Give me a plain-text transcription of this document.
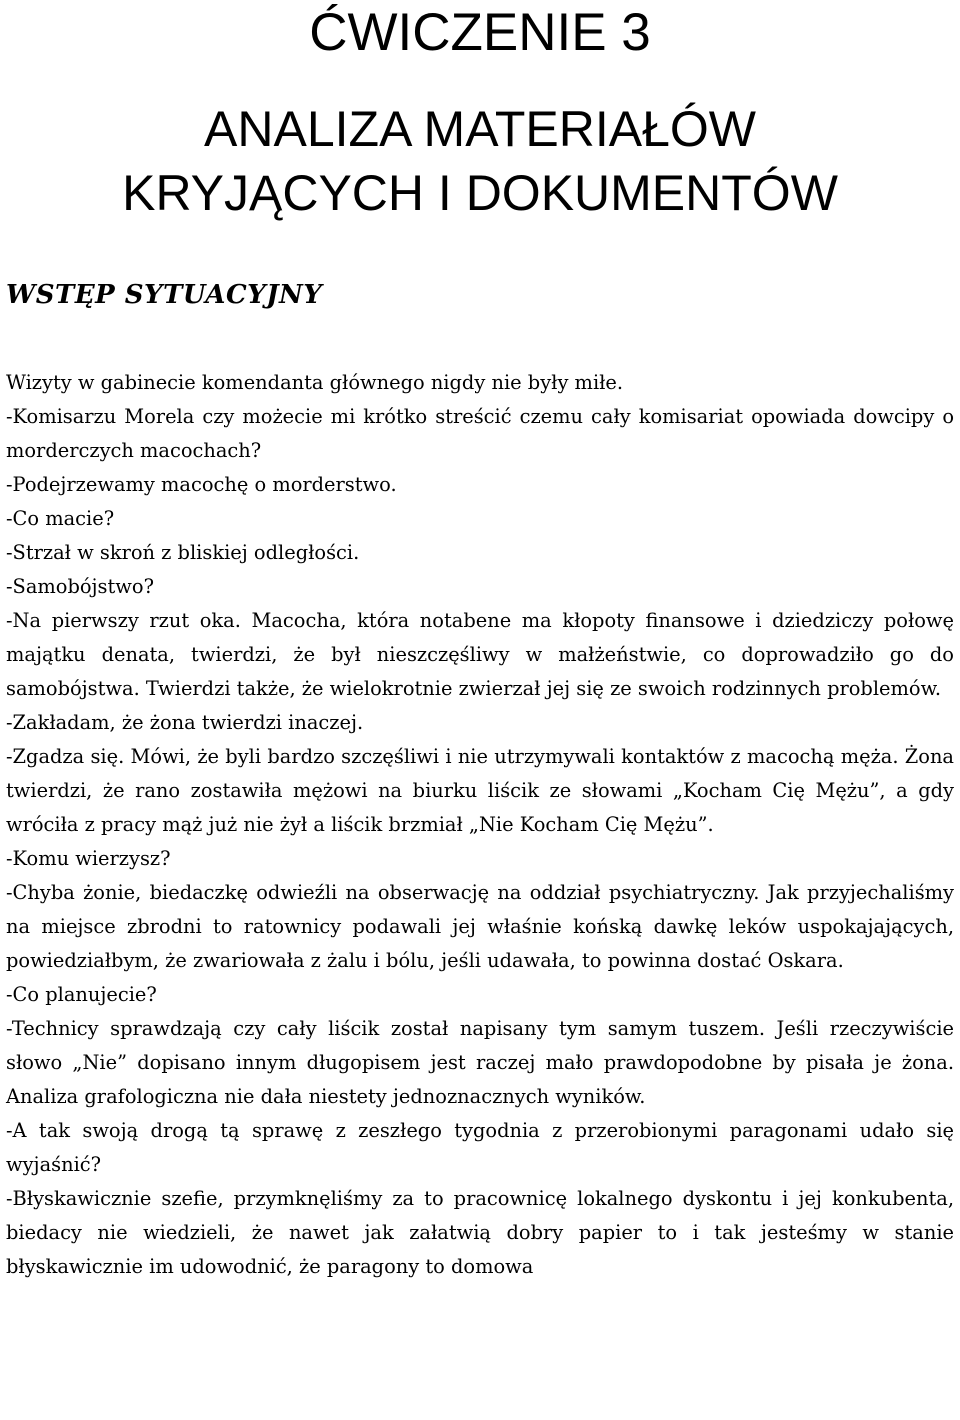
ĆWICZENIE 3
ANALIZA MATERIAŁÓW
KRYJĄCYCH I DOKUMENTÓW
WSTĘP SYTUACYJNY

Wizyty w gabinecie komendanta głównego nigdy nie były miłe.

-Komisarzu Morela czy możecie mi krótko streścić czemu cały komisariat opowiada dowcipy o morderczych macochach?

-Podejrzewamy macochę o morderstwo.

-Co macie?

-Strzał w skroń z bliskiej odległości.

-Samobójstwo?

-Na pierwszy rzut oka. Macocha, która notabene ma kłopoty finansowe i dziedziczy połowę majątku denata, twierdzi, że był nieszczęśliwy w małżeństwie, co doprowadziło go do samobójstwa. Twierdzi także, że wielokrotnie zwierzał jej się ze swoich rodzinnych problemów.

-Zakładam, że żona twierdzi inaczej.

-Zgadza się. Mówi, że byli bardzo szczęśliwi i nie utrzymywali kontaktów z macochą męża. Żona twierdzi, że rano zostawiła mężowi na biurku liścik ze słowami „Kocham Cię Mężu”, a gdy wróciła z pracy mąż już nie żył a liścik brzmiał „Nie Kocham Cię Mężu”.

-Komu wierzysz?

-Chyba żonie, biedaczkę odwieźli na obserwację na oddział psychiatryczny. Jak przyjechaliśmy na miejsce zbrodni to ratownicy podawali jej właśnie końską dawkę leków uspokajających, powiedziałbym, że zwariowała z żalu i bólu, jeśli udawała, to powinna dostać Oskara.

-Co planujecie?

-Technicy sprawdzają czy cały liścik został napisany tym samym tuszem. Jeśli rzeczywiście słowo „Nie” dopisano innym długopisem jest raczej mało prawdopodobne by pisała je żona. Analiza grafologiczna nie dała niestety jednoznacznych wyników.

-A tak swoją drogą tą sprawę z zeszłego tygodnia z przerobionymi paragonami udało się wyjaśnić?

-Błyskawicznie szefie, przymknęliśmy za to pracownicę lokalnego dyskontu i jej konkubenta, biedacy nie wiedzieli, że nawet jak załatwią dobry papier to i tak jesteśmy w stanie błyskawicznie im udowodnić, że paragony to domowa
